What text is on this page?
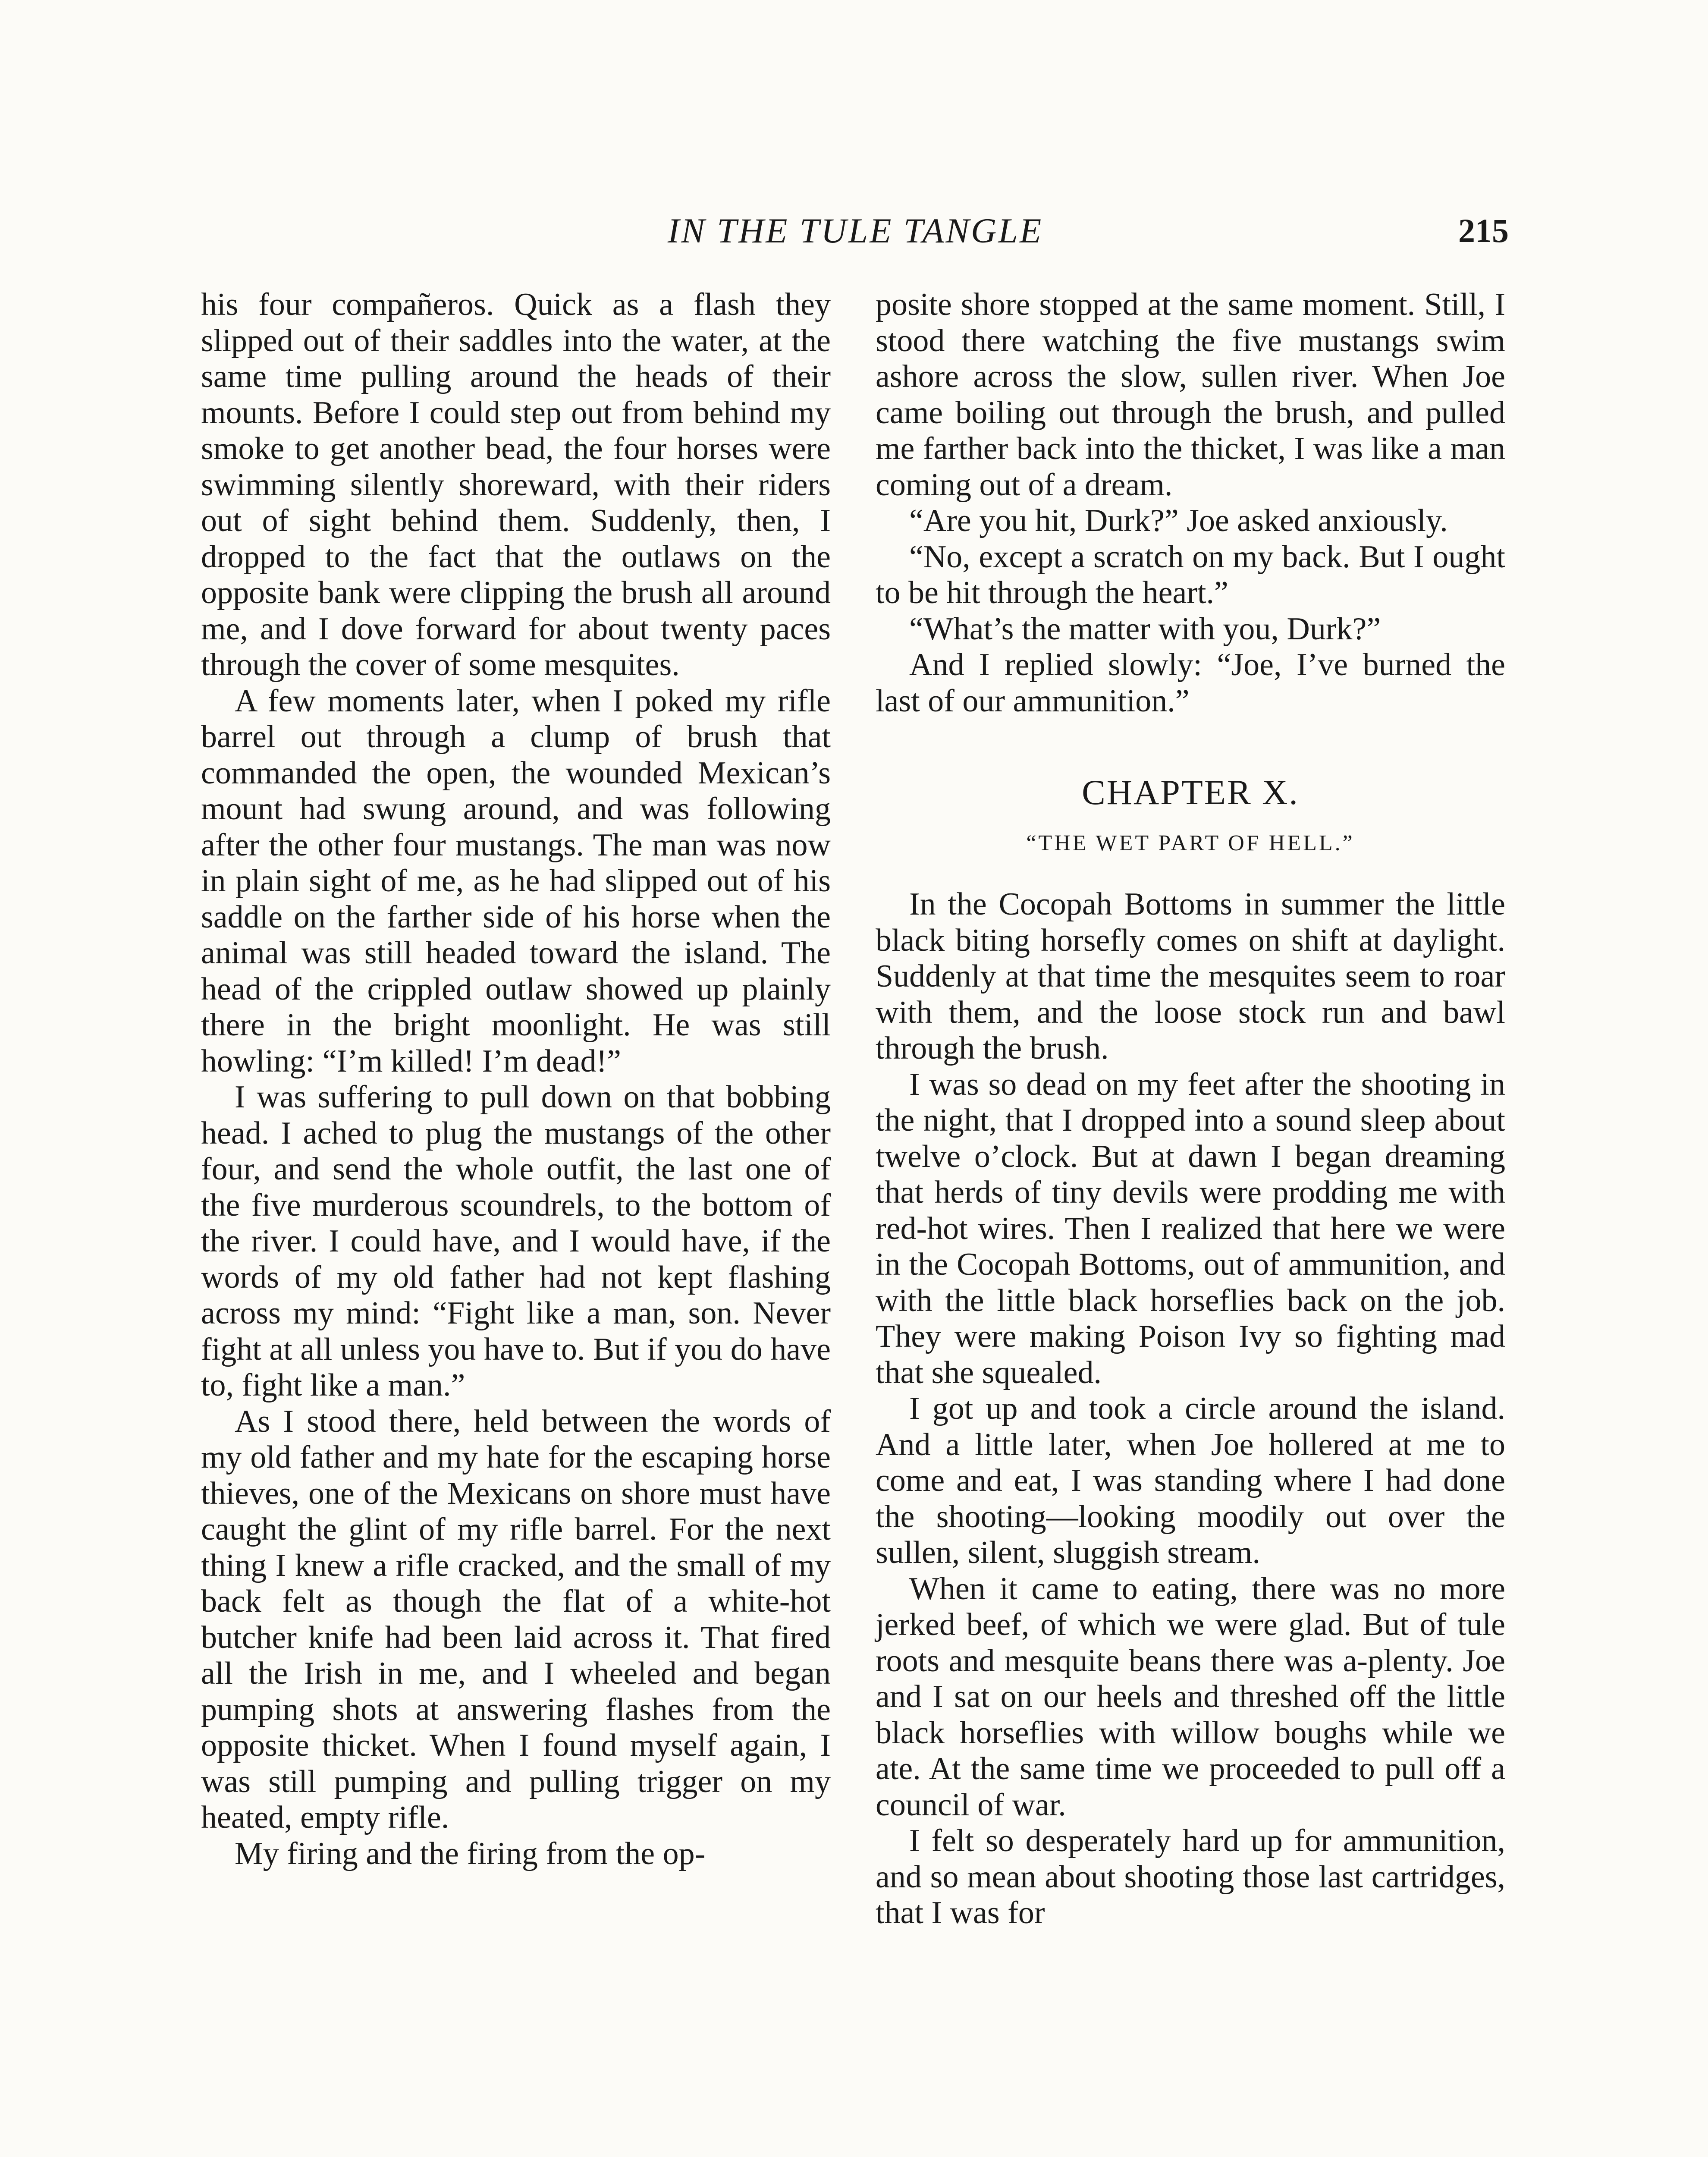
IN THE TULE TANGLE	215

his four compañeros. Quick as a flash they slipped out of their saddles into the water, at the same time pulling around the heads of their mounts. Before I could step out from behind my smoke to get another bead, the four horses were swimming silently shoreward, with their riders out of sight behind them. Suddenly, then, I dropped to the fact that the outlaws on the opposite bank were clipping the brush all around me, and I dove forward for about twenty paces through the cover of some mesquites.

A few moments later, when I poked my rifle barrel out through a clump of brush that commanded the open, the wounded Mexican’s mount had swung around, and was following after the other four mustangs. The man was now in plain sight of me, as he had slipped out of his saddle on the farther side of his horse when the animal was still headed toward the island. The head of the crippled outlaw showed up plainly there in the bright moonlight. He was still howling: “I’m killed! I’m dead!”

I was suffering to pull down on that bobbing head. I ached to plug the mustangs of the other four, and send the whole outfit, the last one of the five murderous scoundrels, to the bottom of the river. I could have, and I would have, if the words of my old father had not kept flashing across my mind: “Fight like a man, son. Never fight at all unless you have to. But if you do have to, fight like a man.”

As I stood there, held between the words of my old father and my hate for the escaping horse thieves, one of the Mexicans on shore must have caught the glint of my rifle barrel. For the next thing I knew a rifle cracked, and the small of my back felt as though the flat of a white-hot butcher knife had been laid across it. That fired all the Irish in me, and I wheeled and began pumping shots at answering flashes from the opposite thicket. When I found myself again, I was still pumping and pulling trigger on my heated, empty rifle.

My firing and the firing from the op-

posite shore stopped at the same moment. Still, I stood there watching the five mustangs swim ashore across the slow, sullen river. When Joe came boiling out through the brush, and pulled me farther back into the thicket, I was like a man coming out of a dream.

“Are you hit, Durk?” Joe asked anxiously.

“No, except a scratch on my back. But I ought to be hit through the heart.”

“What’s the matter with you, Durk?”

And I replied slowly: “Joe, I’ve burned the last of our ammunition.”

CHAPTER X.
“THE WET PART OF HELL.”

In the Cocopah Bottoms in summer the little black biting horsefly comes on shift at daylight. Suddenly at that time the mesquites seem to roar with them, and the loose stock run and bawl through the brush.

I was so dead on my feet after the shooting in the night, that I dropped into a sound sleep about twelve o’clock. But at dawn I began dreaming that herds of tiny devils were prodding me with red-hot wires. Then I realized that here we were in the Cocopah Bottoms, out of ammunition, and with the little black horseflies back on the job. They were making Poison Ivy so fighting mad that she squealed.

I got up and took a circle around the island. And a little later, when Joe hollered at me to come and eat, I was standing where I had done the shooting—looking moodily out over the sullen, silent, sluggish stream.

When it came to eating, there was no more jerked beef, of which we were glad. But of tule roots and mesquite beans there was a-plenty. Joe and I sat on our heels and threshed off the little black horseflies with willow boughs while we ate. At the same time we proceeded to pull off a council of war.

I felt so desperately hard up for ammunition, and so mean about shooting those last cartridges, that I was for
